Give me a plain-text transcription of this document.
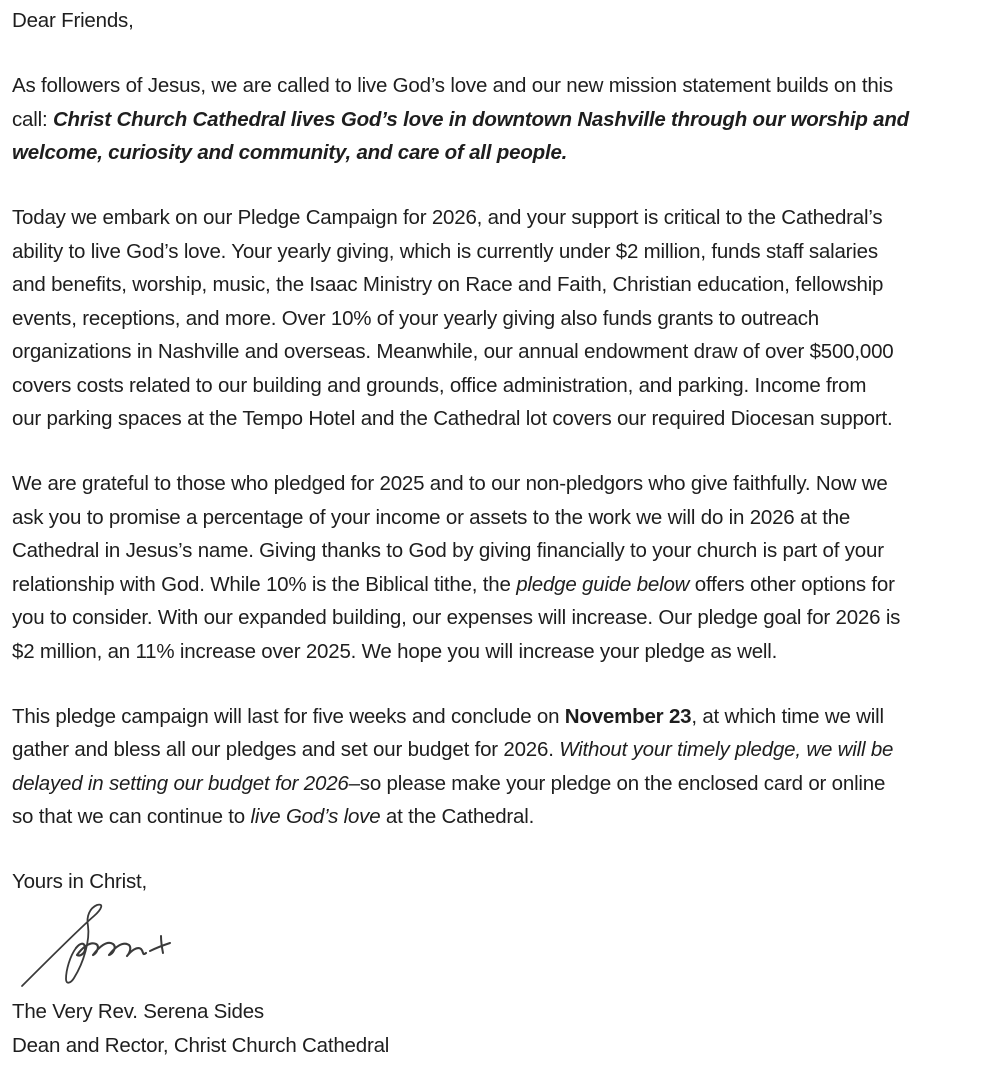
Dear Friends,
As followers of Jesus, we are called to live God’s love and our new mission statement builds on this
call: Christ Church Cathedral lives God’s love in downtown Nashville through our worship and
welcome, curiosity and community, and care of all people.
Today we embark on our Pledge Campaign for 2026, and your support is critical to the Cathedral’s
ability to live God’s love. Your yearly giving, which is currently under $2 million, funds staff salaries
and benefits, worship, music, the Isaac Ministry on Race and Faith, Christian education, fellowship
events, receptions, and more. Over 10% of your yearly giving also funds grants to outreach
organizations in Nashville and overseas. Meanwhile, our annual endowment draw of over $500,000
covers costs related to our building and grounds, office administration, and parking. Income from
our parking spaces at the Tempo Hotel and the Cathedral lot covers our required Diocesan support.
We are grateful to those who pledged for 2025 and to our non-pledgors who give faithfully. Now we
ask you to promise a percentage of your income or assets to the work we will do in 2026 at the
Cathedral in Jesus’s name. Giving thanks to God by giving financially to your church is part of your
relationship with God. While 10% is the Biblical tithe, the pledge guide below offers other options for
you to consider. With our expanded building, our expenses will increase. Our pledge goal for 2026 is
$2 million, an 11% increase over 2025. We hope you will increase your pledge as well.
This pledge campaign will last for five weeks and conclude on November 23, at which time we will
gather and bless all our pledges and set our budget for 2026. Without your timely pledge, we will be
delayed in setting our budget for 2026–so please make your pledge on the enclosed card or online
so that we can continue to live God’s love at the Cathedral.
Yours in Christ,
The Very Rev. Serena Sides
Dean and Rector, Christ Church Cathedral
